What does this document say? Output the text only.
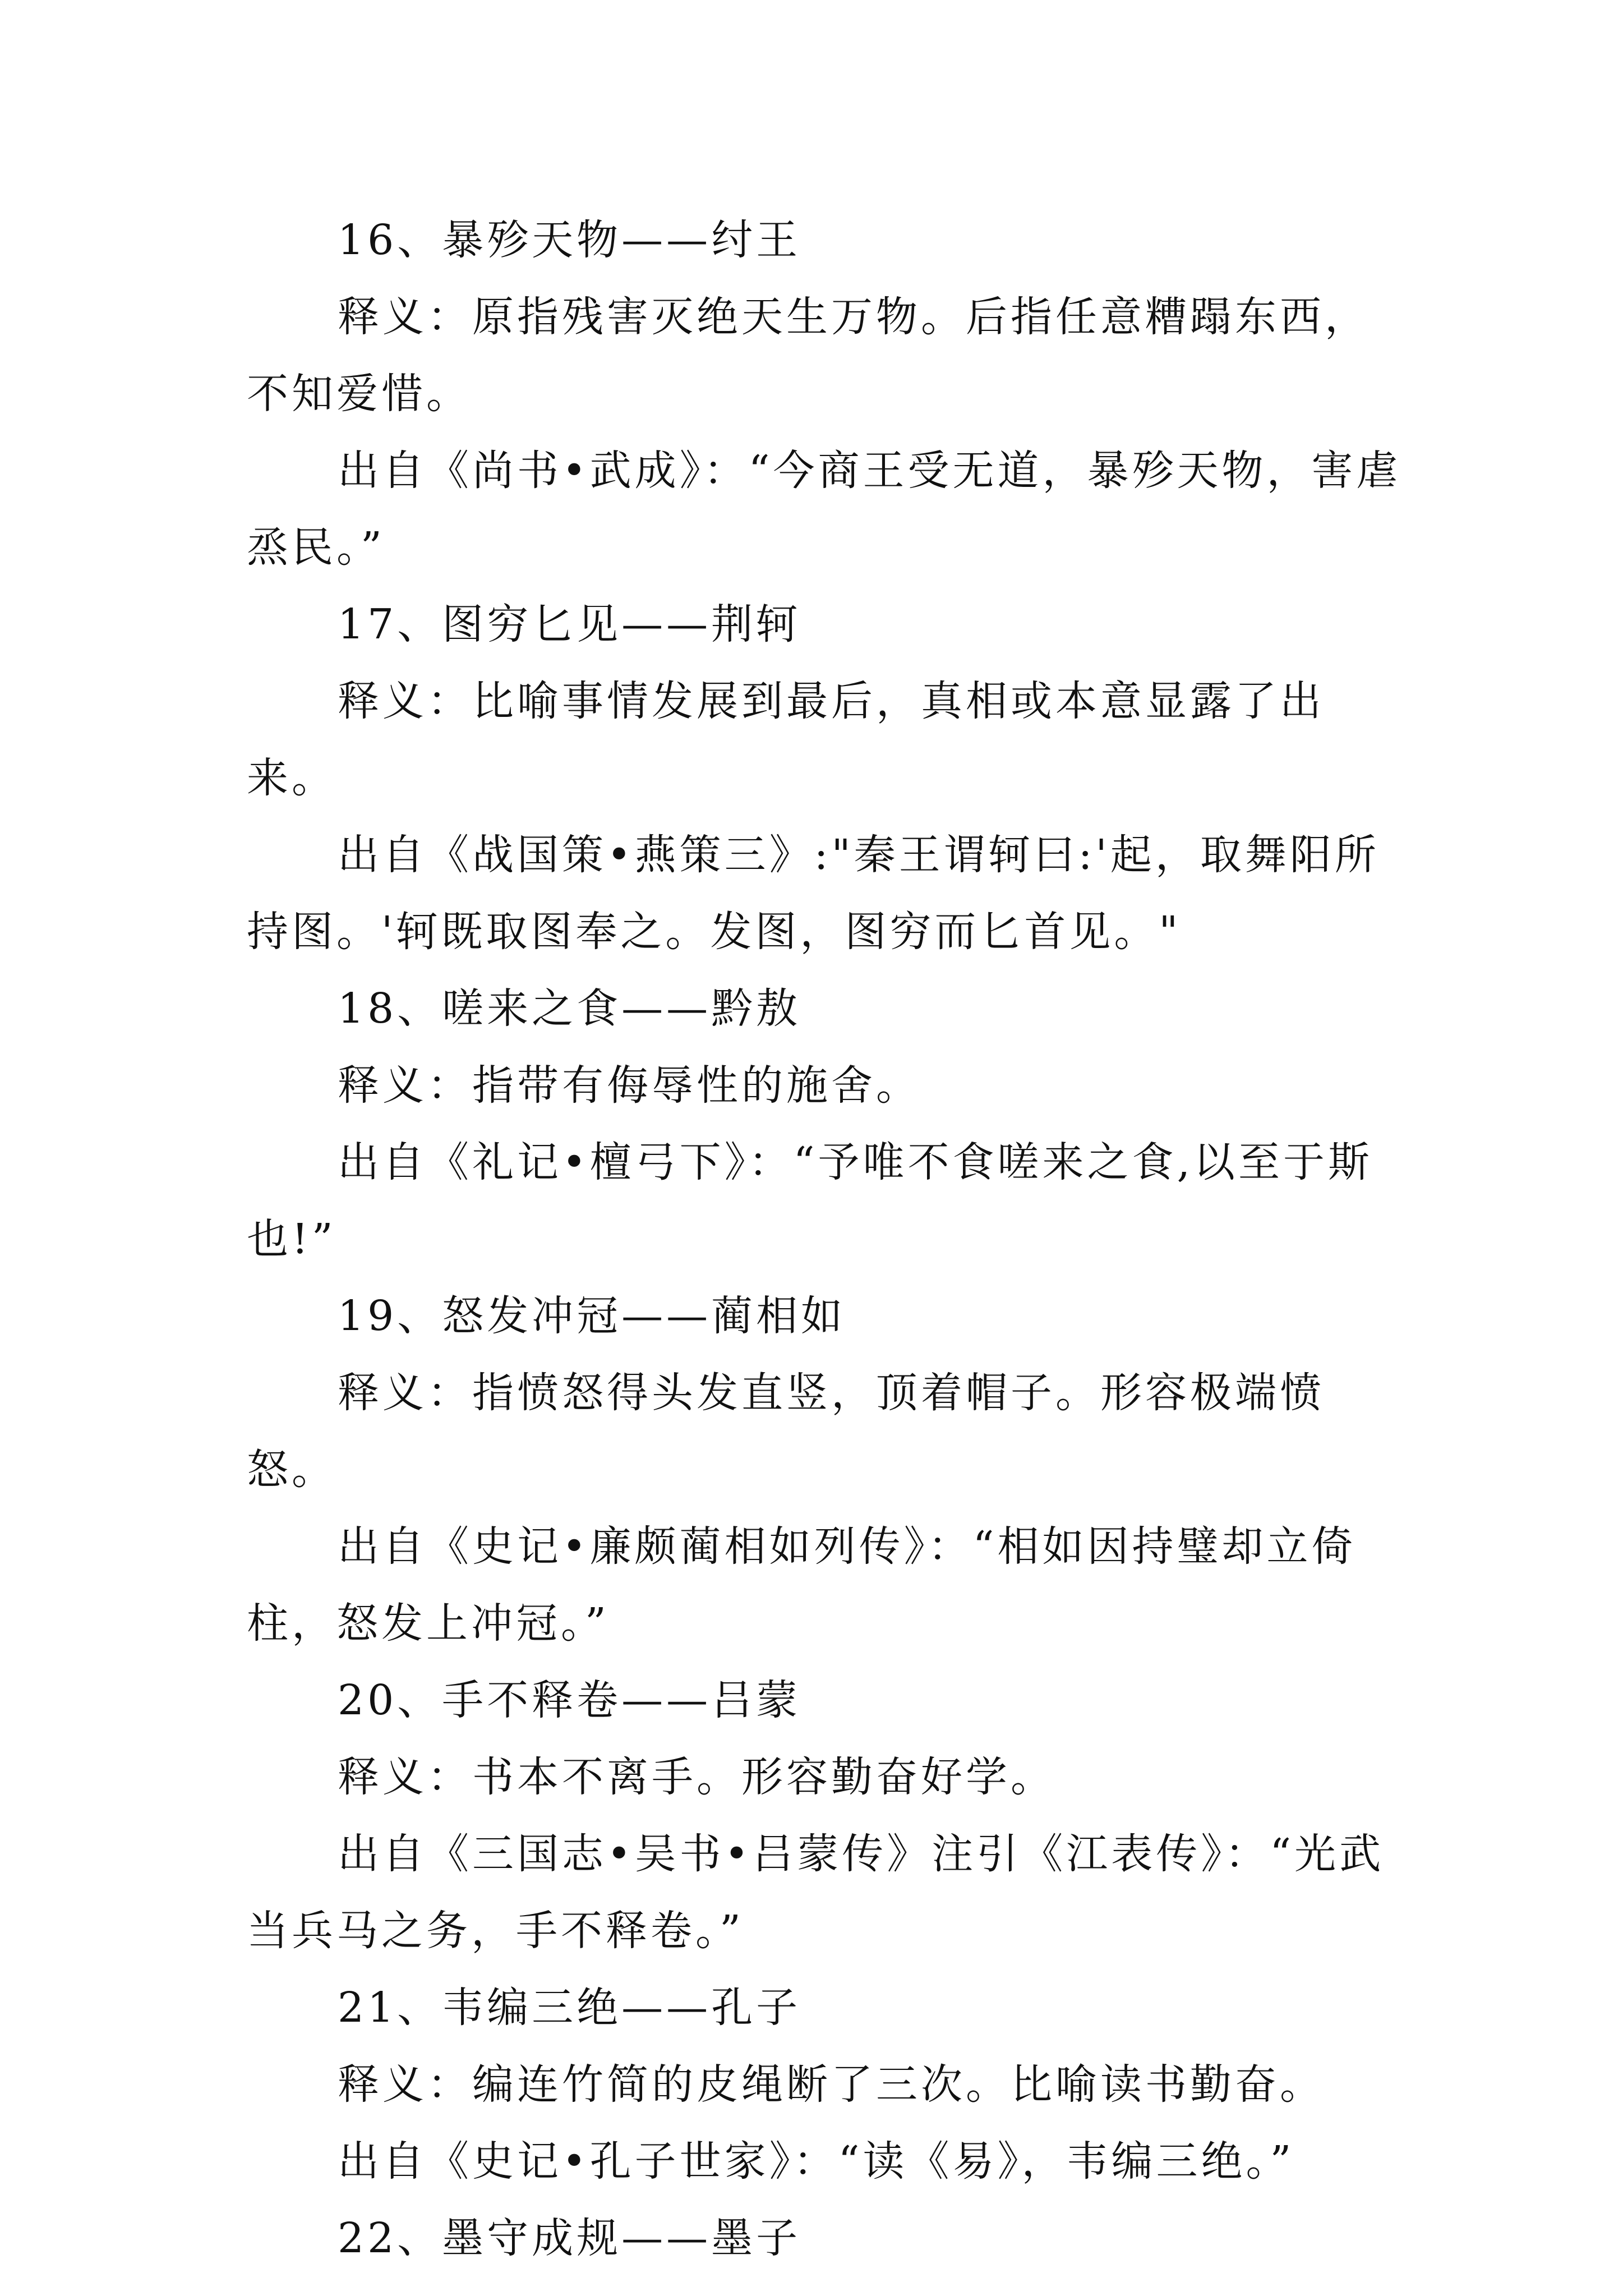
16、暴殄天物——纣王

释义：原指残害灭绝天生万物。后指任意糟蹋东西，不知爱惜。

出自《尚书•武成》：“今商王受无道，暴殄天物，害虐烝民。”

17、图穷匕见——荆轲

释义：比喻事情发展到最后，真相或本意显露了出来。

出自《战国策•燕策三》:"秦王谓轲曰:'起，取舞阳所持图。'轲既取图奉之。发图，图穷而匕首见。"

18、嗟来之食——黔敖

释义：指带有侮辱性的施舍。

出自《礼记•檀弓下》：“予唯不食嗟来之食,以至于斯也!”

19、怒发冲冠——蔺相如

释义：指愤怒得头发直竖，顶着帽子。形容极端愤怒。

出自《史记•廉颇蔺相如列传》：“相如因持璧却立倚柱，怒发上冲冠。”

20、手不释卷——吕蒙

释义：书本不离手。形容勤奋好学。

出自《三国志•吴书•吕蒙传》注引《江表传》：“光武当兵马之务，手不释卷。”

21、韦编三绝——孔子

释义：编连竹简的皮绳断了三次。比喻读书勤奋。

出自《史记•孔子世家》：“读《易》，韦编三绝。”

22、墨守成规——墨子
